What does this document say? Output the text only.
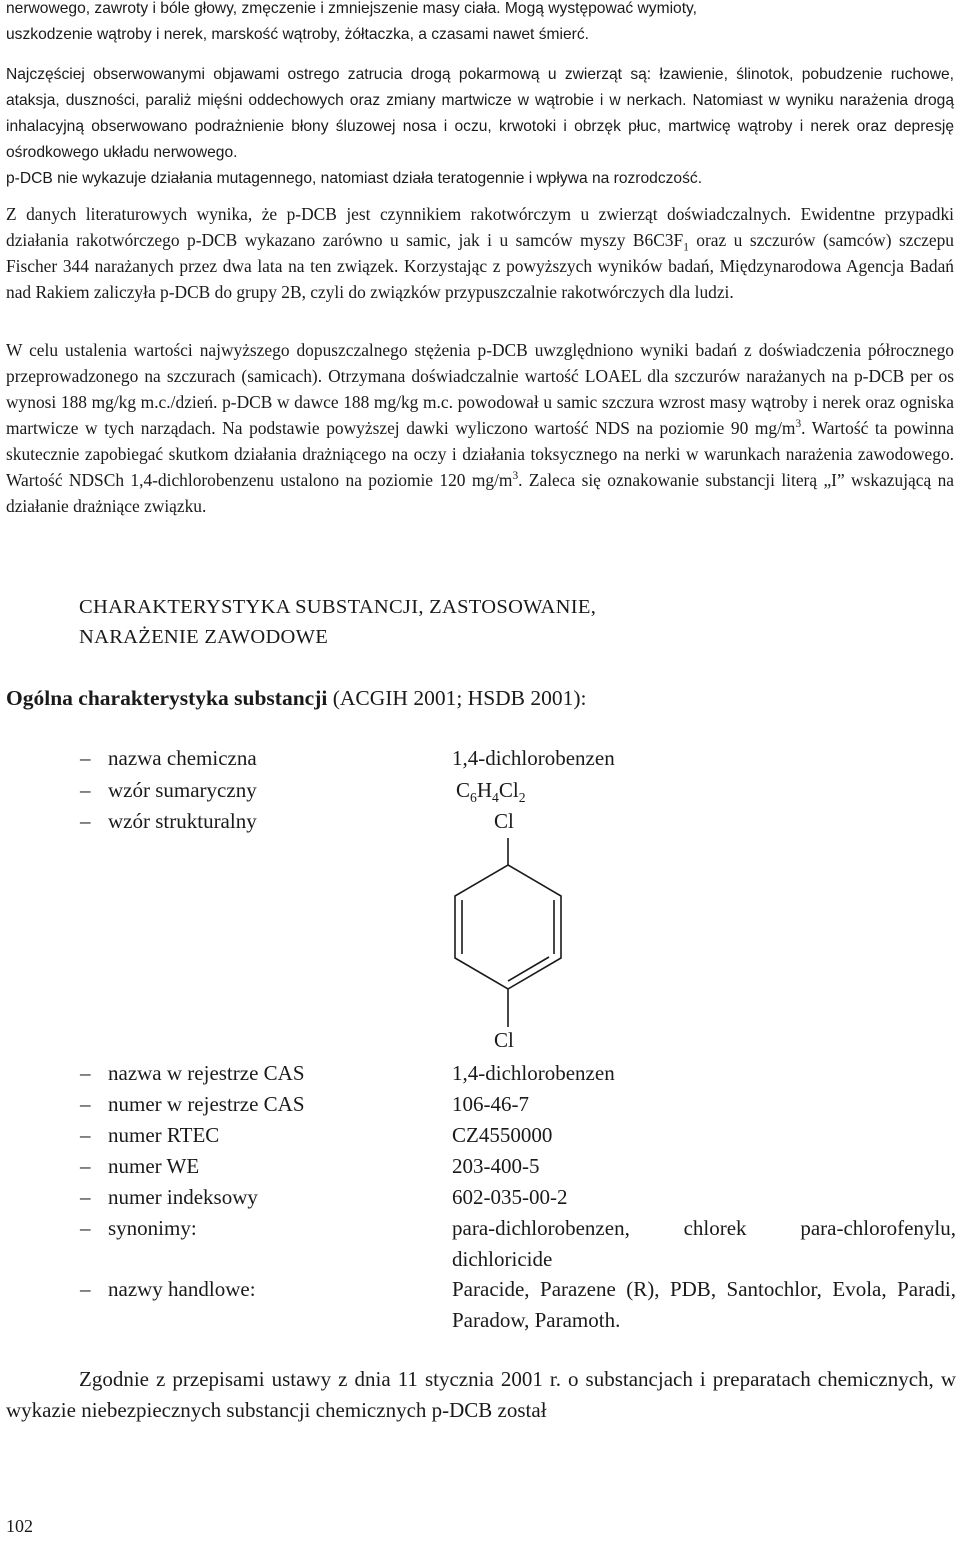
nerwowego, zawroty i bóle głowy, zmęczenie i zmniejszenie masy ciała. Mogą występować wymioty,
uszkodzenie wątroby i nerek, marskość wątroby, żółtaczka, a czasami nawet śmierć.

Najczęściej obserwowanymi objawami ostrego zatrucia drogą pokarmową u zwierząt są: łzawienie, ślinotok, pobudzenie ruchowe, ataksja, duszności, paraliż mięśni oddechowych oraz zmiany martwicze w wątrobie i w nerkach. Natomiast w wyniku narażenia drogą inhalacyjną obserwowano podrażnienie błony śluzowej nosa i oczu, krwotoki i obrzęk płuc, martwicę wątroby i nerek oraz depresję ośrodkowego układu nerwowego.

p-DCB nie wykazuje działania mutagennego, natomiast działa teratogennie i wpływa na rozrodczość.

Z danych literaturowych wynika, że p-DCB jest czynnikiem rakotwórczym u zwierząt doświadczalnych. Ewidentne przypadki działania rakotwórczego p-DCB wykazano zarówno u samic, jak i u samców myszy $B6C3F_1$ oraz u szczurów (samców) szczepu Fischer 344 narażanych przez dwa lata na ten związek. Korzystając z powyższych wyników badań, Międzynarodowa Agencja Badań nad Rakiem zaliczyła p-DCB do grupy 2B, czyli do związków przypuszczalnie rakotwórczych dla ludzi.

W celu ustalenia wartości najwyższego dopuszczalnego stężenia p-DCB uwzględniono wyniki badań z doświadczenia półrocznego przeprowadzonego na szczurach (samicach). Otrzymana doświadczalnie wartość LOAEL dla szczurów narażanych na p-DCB per os wynosi 188 mg/kg m.c./dzień. p-DCB w dawce 188 mg/kg m.c. powodował u samic szczura wzrost masy wątroby i nerek oraz ogniska martwicze w tych narządach. Na podstawie powyższej dawki wyliczono wartość NDS na poziomie 90 $mg/m^3$. Wartość ta powinna skutecznie zapobiegać skutkom działania drażniącego na oczy i działania toksycznego na nerki w warunkach narażenia zawodowego. Wartość NDSCh 1,4-dichlorobenzenu ustalono na poziomie 120 $mg/m^3$. Zaleca się oznakowanie substancji literą „I” wskazującą na działanie drażniące związku.

CHARAKTERYSTYKA SUBSTANCJI, ZASTOSOWANIE,

NARAŻENIE ZAWODOWE

Ogólna charakterystyka substancji (ACGIH 2001; HSDB 2001):

– nazwa chemiczna	1,4-dichlorobenzen
– wzór sumaryczny	$C_6H_4Cl_2$
– wzór strukturalny	Cl
Cl
– nazwa w rejestrze CAS	1,4-dichlorobenzen
– numer w rejestrze CAS	106-46-7
– numer RTEC	CZ4550000
– numer WE	203-400-5
– numer indeksowy	602-035-00-2
– synonimy:	para-dichlorobenzen, chlorek para-chlorofenylu, dichloricide
– nazwy handlowe:	Paracide, Parazene (R), PDB, Santochlor, Evola, Paradi, Paradow, Paramoth.

Zgodnie z przepisami ustawy z dnia 11 stycznia 2001 r. o substancjach i preparatach chemicznych, w wykazie niebezpiecznych substancji chemicznych p-DCB został

102
